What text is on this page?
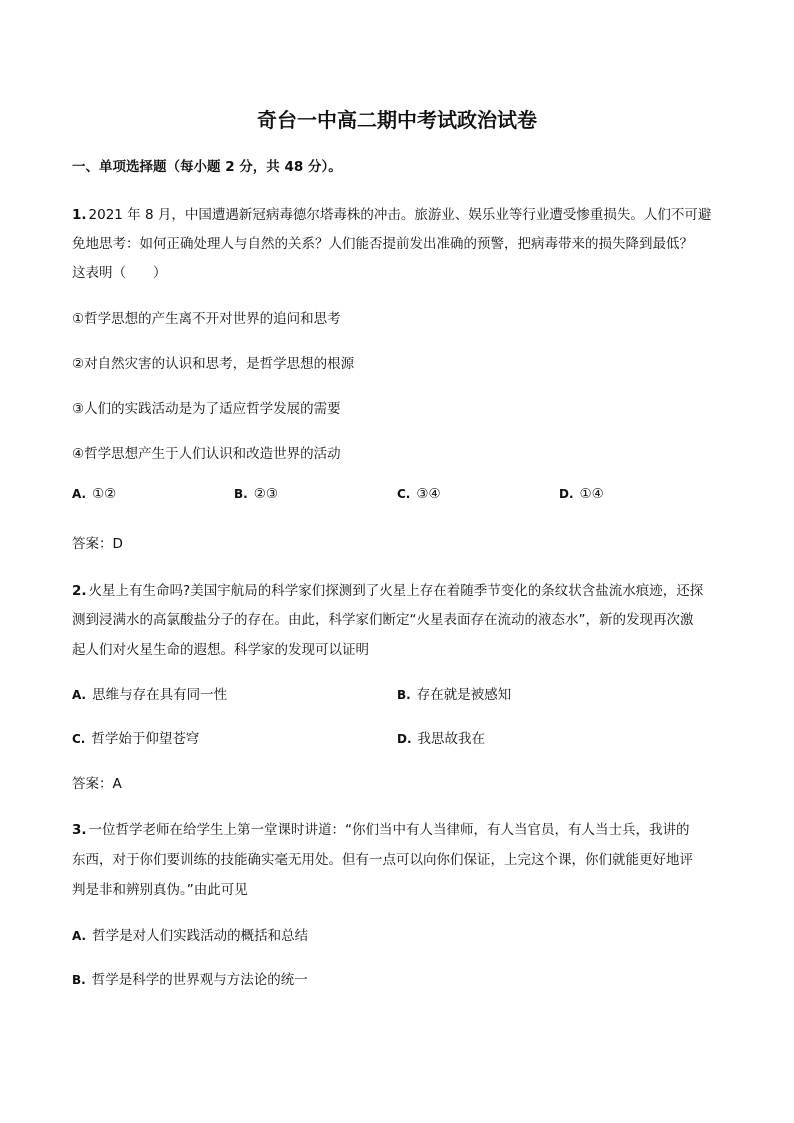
奇台一中高二期中考试政治试卷
一、单项选择题（每小题 2 分，共 48 分）。
1. 2021 年 8 月，中国遭遇新冠病毒德尔塔毒株的冲击。旅游业、娱乐业等行业遭受惨重损失。人们不可避
免地思考：如何正确处理人与自然的关系？人们能否提前发出准确的预警，把病毒带来的损失降到最低？
这表明（　　）
①哲学思想的产生离不开对世界的追问和思考
②对自然灾害的认识和思考，是哲学思想的根源
③人们的实践活动是为了适应哲学发展的需要
④哲学思想产生于人们认识和改造世界的活动
A. ①②	B. ②③	C. ③④	D. ①④
答案：D
2. 火星上有生命吗?美国宇航局的科学家们探测到了火星上存在着随季节变化的条纹状含盐流水痕迹，还探
测到浸满水的高氯酸盐分子的存在。由此，科学家们断定“火星表面存在流动的液态水”，新的发现再次激
起人们对火星生命的遐想。科学家的发现可以证明
A. 思维与存在具有同一性	B. 存在就是被感知
C. 哲学始于仰望苍穹	D. 我思故我在
答案：A
3. 一位哲学老师在给学生上第一堂课时讲道：“你们当中有人当律师，有人当官员，有人当士兵，我讲的
东西，对于你们要训练的技能确实毫无用处。但有一点可以向你们保证，上完这个课，你们就能更好地评
判是非和辨别真伪。”由此可见
A. 哲学是对人们实践活动的概括和总结
B. 哲学是科学的世界观与方法论的统一
